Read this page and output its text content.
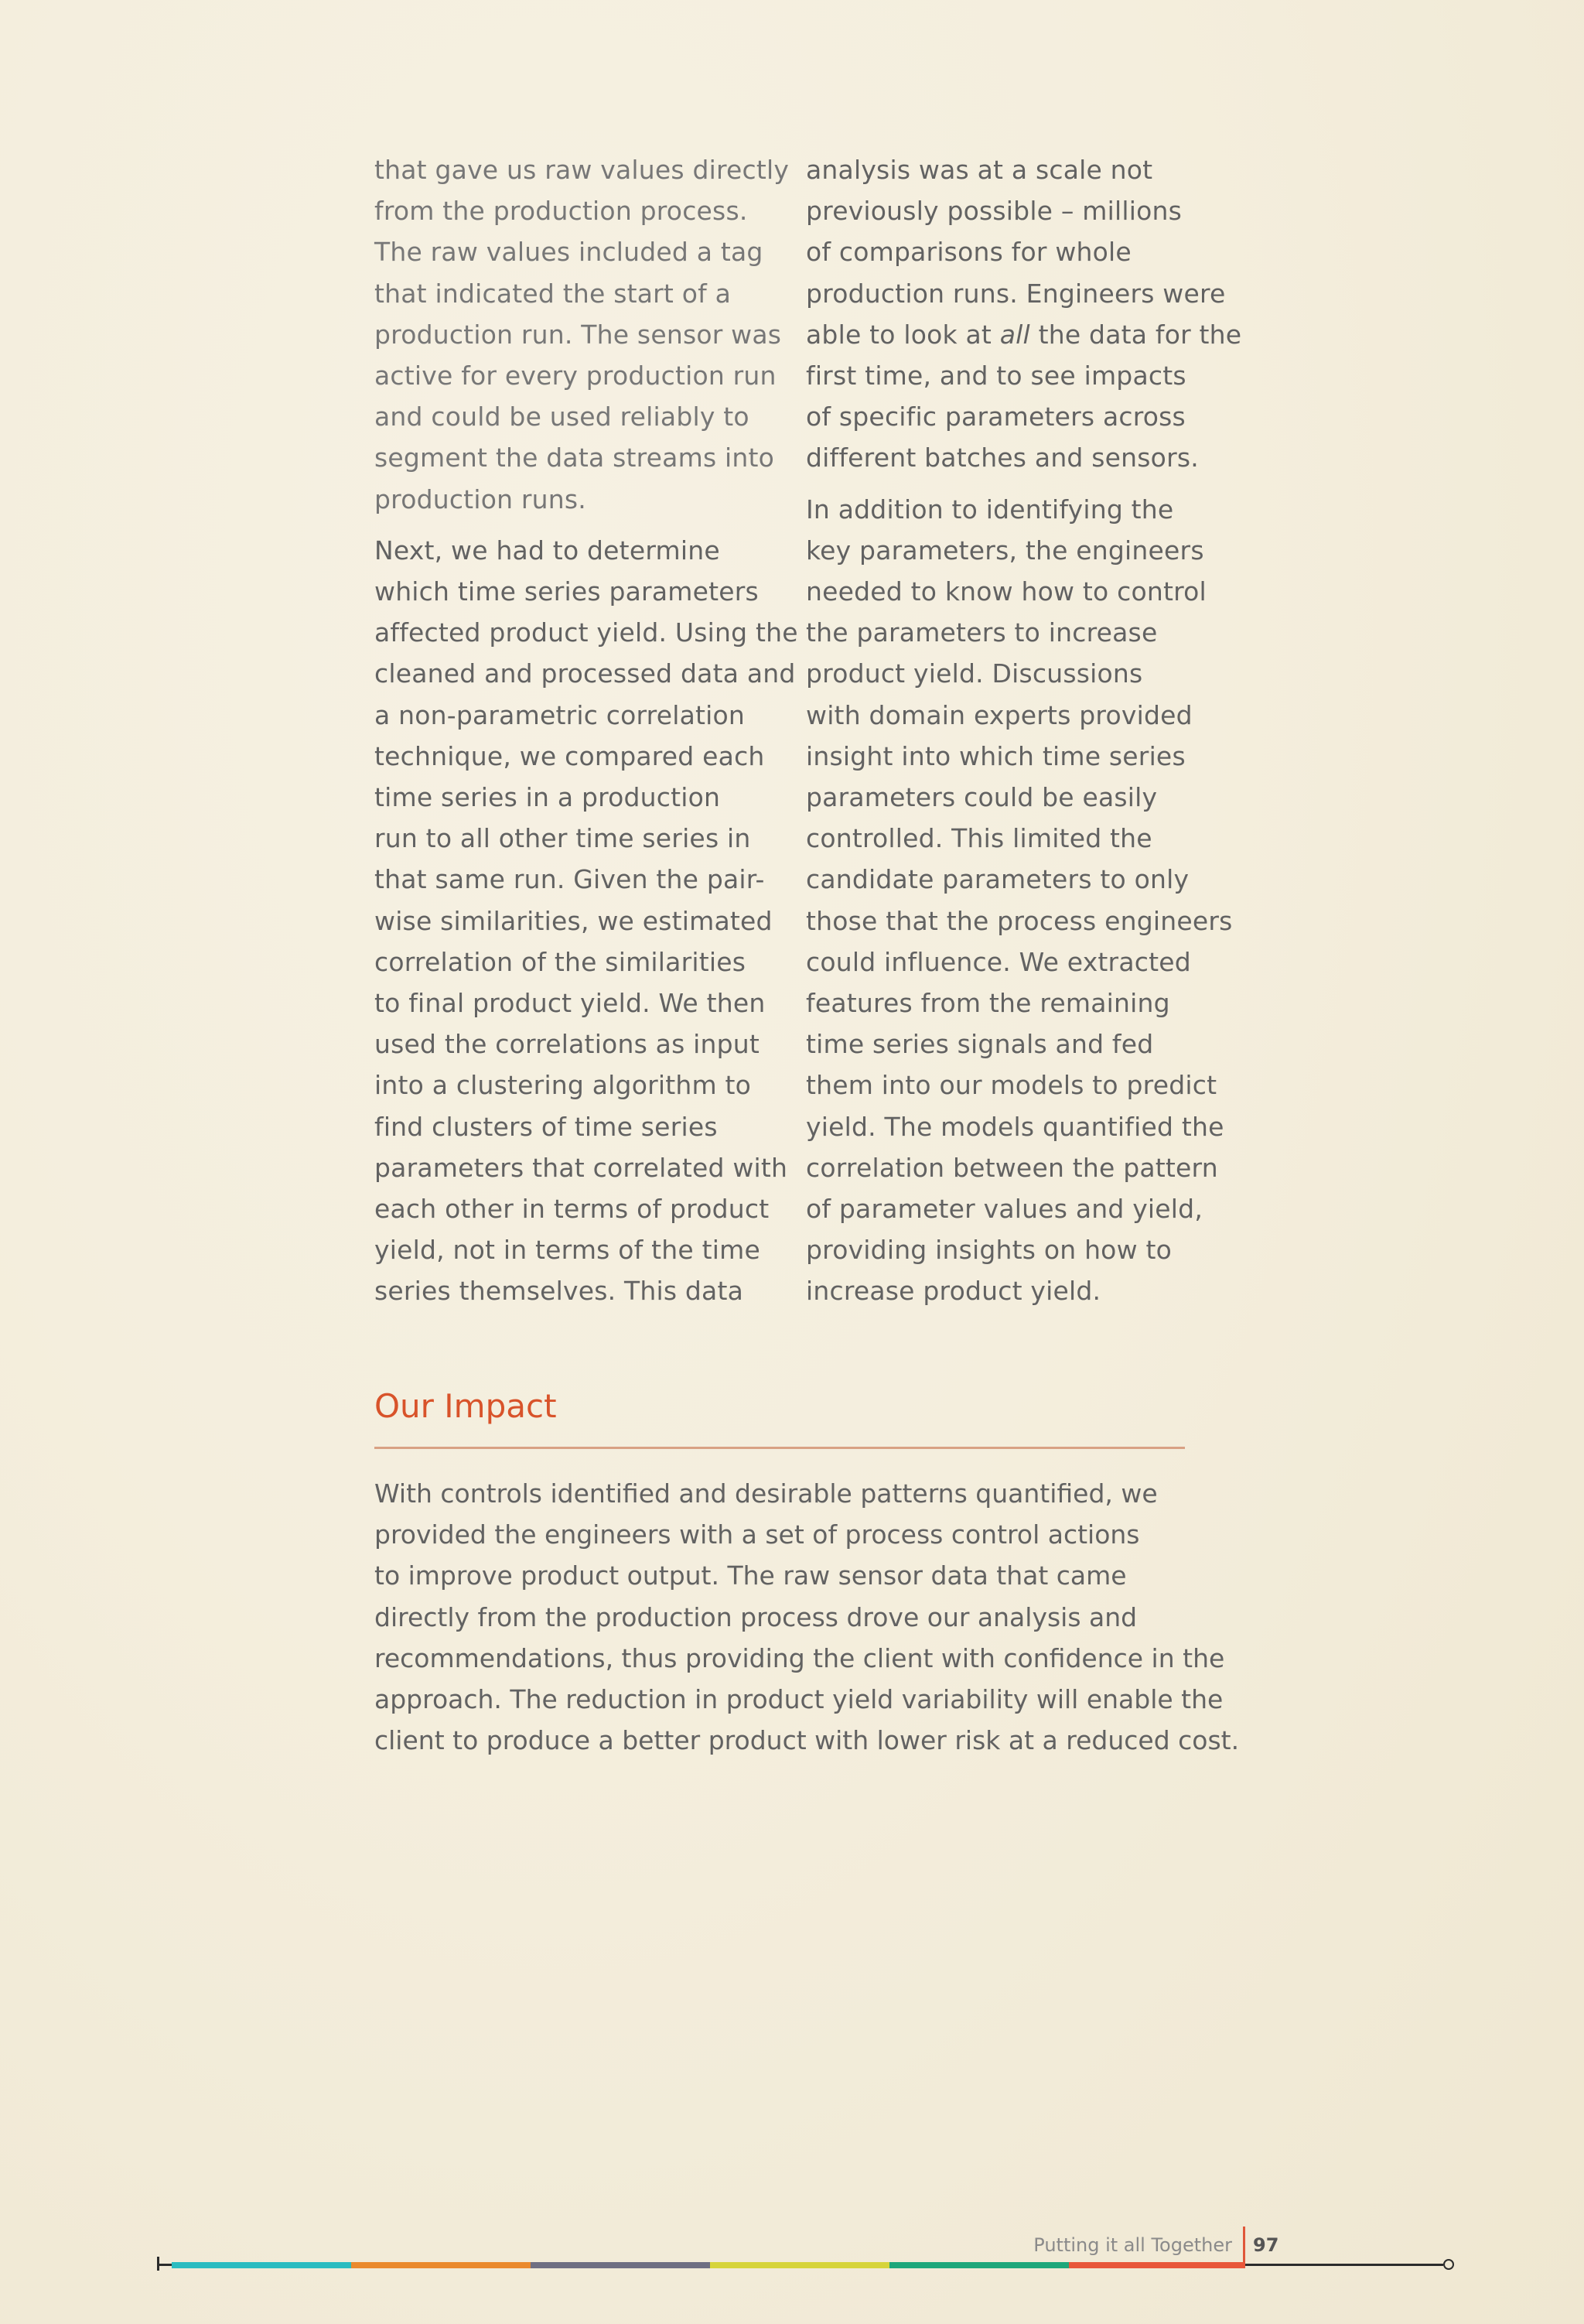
that gave us raw values directly
from the production process.
The raw values included a tag
that indicated the start of a
production run. The sensor was
active for every production run
and could be used reliably to
segment the data streams into
production runs.

Next, we had to determine
which time series parameters
affected product yield. Using the
cleaned and processed data and
a non-parametric correlation
technique, we compared each
time series in a production
run to all other time series in
that same run. Given the pair-
wise similarities, we estimated
correlation of the similarities
to final product yield. We then
used the correlations as input
into a clustering algorithm to
find clusters of time series
parameters that correlated with
each other in terms of product
yield, not in terms of the time
series themselves. This data

analysis was at a scale not
previously possible – millions
of comparisons for whole
production runs. Engineers were
able to look at all the data for the
first time, and to see impacts
of specific parameters across
different batches and sensors.

In addition to identifying the
key parameters, the engineers
needed to know how to control
the parameters to increase
product yield. Discussions
with domain experts provided
insight into which time series
parameters could be easily
controlled. This limited the
candidate parameters to only
those that the process engineers
could influence. We extracted
features from the remaining
time series signals and fed
them into our models to predict
yield. The models quantified the
correlation between the pattern
of parameter values and yield,
providing insights on how to
increase product yield.

Our Impact

With controls identified and desirable patterns quantified, we
provided the engineers with a set of process control actions
to improve product output. The raw sensor data that came
directly from the production process drove our analysis and
recommendations, thus providing the client with confidence in the
approach. The reduction in product yield variability will enable the
client to produce a better product with lower risk at a reduced cost.

Putting it all Together 97
